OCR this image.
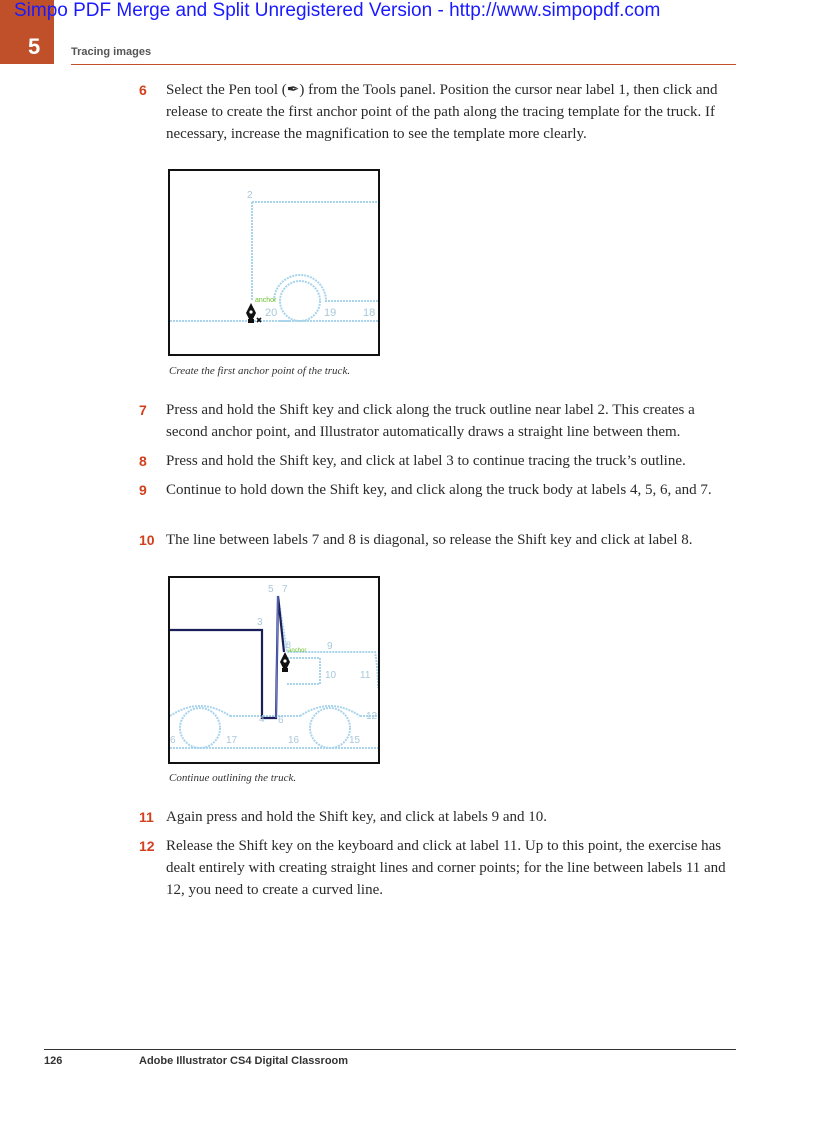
5
Simpo PDF Merge and Split Unregistered Version - http://www.simpopdf.com
Tracing images
6 Select the Pen tool (✒) from the Tools panel. Position the cursor near label 1, then click and release to create the first anchor point of the path along the tracing template for the truck. If necessary, increase the magnification to see the template more clearly.
2
20	19 18
anchor
Create the first anchor point of the truck.
7 Press and hold the Shift key and click along the truck outline near label 2. This creates a second anchor point, and Illustrator automatically draws a straight line between them.
8 Press and hold the Shift key, and click at label 3 to continue tracing the truck’s outline.
9 Continue to hold down the Shift key, and click along the truck body at labels 4, 5, 6, and 7.
10 The line between labels 7 and 8 is diagonal, so release the Shift key and click at label 8.
5 7
3
8	9
anchor
10 11
12
4 6
6	17	16	15
Continue outlining the truck.
11 Again press and hold the Shift key, and click at labels 9 and 10.
12 Release the Shift key on the keyboard and click at label 11. Up to this point, the exercise has dealt entirely with creating straight lines and corner points; for the line between labels 11 and 12, you need to create a curved line.
126	Adobe Illustrator CS4 Digital Classroom
